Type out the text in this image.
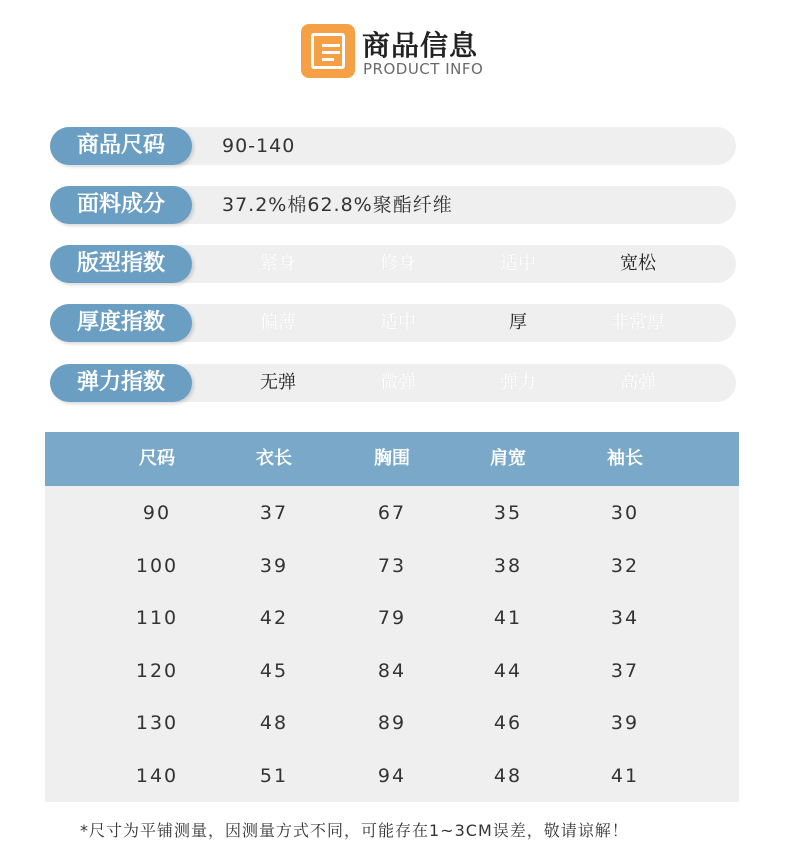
商品信息
PRODUCT INFO
商品尺码	90-140
面料成分	37.2%棉62.8%聚酯纤维
版型指数	紧身	修身	适中	宽松
厚度指数	偏薄	适中	厚	非常厚
弹力指数	无弹	微弹	弹力	高弹
尺码	衣长	胸围	肩宽	袖长
90	37	67	35	30
100	39	73	38	32
110	42	79	41	34
120	45	84	44	37
130	48	89	46	39
140	51	94	48	41
*尺寸为平铺测量，因测量方式不同，可能存在1~3CM误差，敬请谅解！
